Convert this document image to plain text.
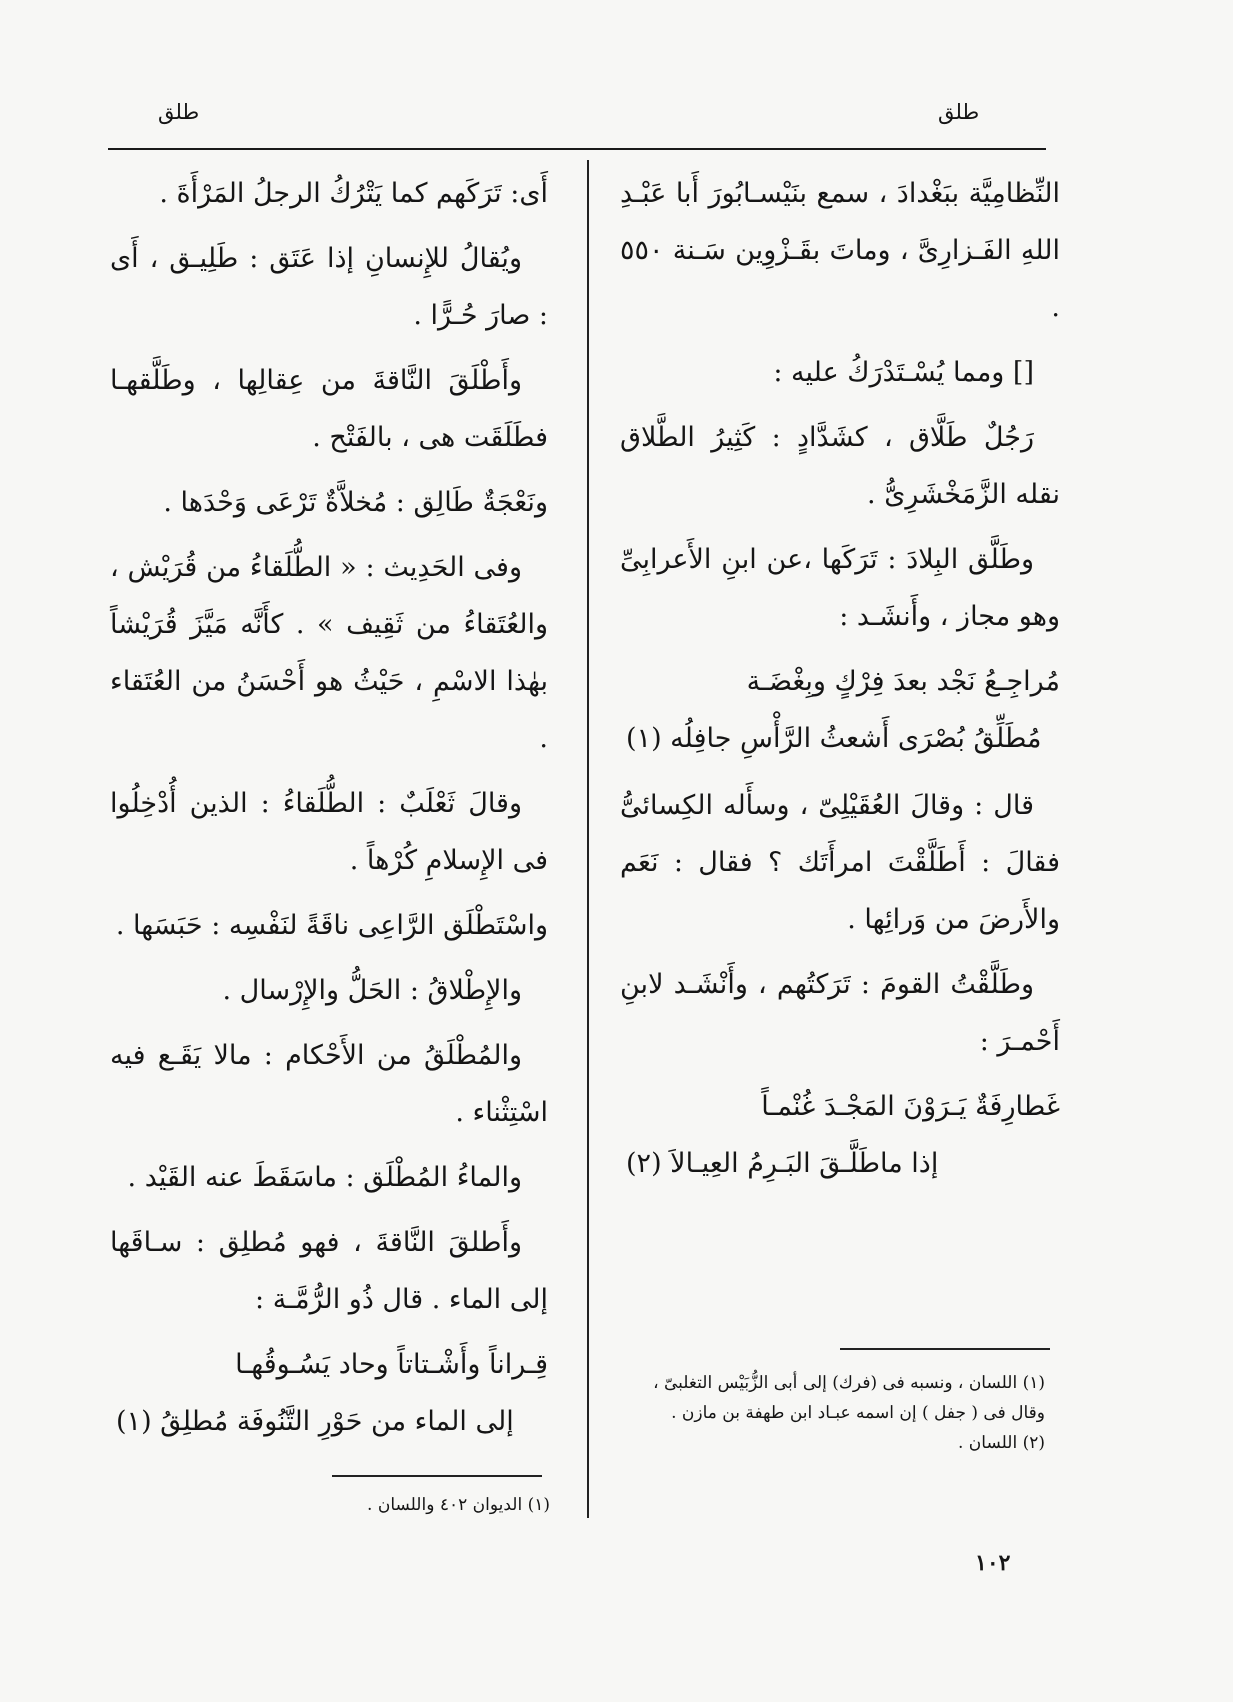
طلق
طلق

النِّظامِيَّة ببَغْدادَ ، سمع بنَيْسـابُورَ أَبا عَبْـدِ اللهِ الفَـزارِىَّ ، وماتَ بقَـزْوِين سَـنة ٥٥٠ .

[] ومما يُسْـتَدْرَكُ عليه :

رَجُلٌ طَلَّاق ، كشَدَّادٍ : كَثِيرُ الطَّلاق نقله الزَّمَخْشَرِىُّ .

وطَلَّق البِلادَ : تَرَكَها ،عن ابنِ الأَعرابِىِّ وهو مجاز ، وأَنشَـد :

مُراجِـعُ نَجْد بعدَ فِرْكٍ وبِغْضَـة
مُطَلِّقُ بُصْرَى أَشعثُ الرَّأْسِ جافِلُه (١)

قال : وقالَ العُقَيْلِىّ ، وسأَله الكِسائىُّ فقالَ : أَطَلَّقْتَ امرأَتَك ؟ فقال : نَعَم والأَرضَ من وَرائِها .

وطَلَّقْتُ القومَ : تَرَكتُهم ، وأَنْشَـد لابنِ أَحْمـرَ :

غَطارِفَةٌ يَـرَوْنَ المَجْـدَ غُنْمـاً
إذا ماطَلَّـقَ البَـرِمُ العِيـالاَ (٢)

أَى: تَرَكَهم كما يَتْرُكُ الرجلُ المَرْأَةَ .

ويُقالُ للإِنسانِ إذا عَتَق : طَلِيـق ، أَى : صارَ حُـرًّا .

وأَطْلَقَ النَّاقةَ من عِقالِها ، وطَلَّقهـا فطَلَقَت هى ، بالفَتْح .

ونَعْجَةٌ طَالِق : مُخلاَّةٌ تَرْعَى وَحْدَها .

وفى الحَدِيث : « الطُّلَقاءُ من قُرَيْش ، والعُتَقاءُ من ثَقِيف » . كأَنَّه مَيَّزَ قُرَيْشاً بهٰذا الاسْمِ ، حَيْثُ هو أَحْسَنُ من العُتَقاء .

وقالَ ثَعْلَبٌ : الطُّلَقاءُ : الذين أُدْخِلُوا فى الإِسلامِ كُرْهاً .

واسْتَطْلَق الرَّاعِى ناقَةً لنَفْسِه : حَبَسَها .

والإِطْلاقُ : الحَلُّ والإِرْسال .

والمُطْلَقُ من الأَحْكام : مالا يَقَـع فيه اسْتِثْناء .

والماءُ المُطْلَق : ماسَقَطَ عنه القَيْد .

وأَطلقَ النَّاقةَ ، فهو مُطلِق : سـاقَها إلى الماء . قال ذُو الرُّمَّـة :

قِـراناً وأَشْـتاتاً وحاد يَسُـوقُهـا
إلى الماء من حَوْرِ التَّنُوفَة مُطلِقُ (١)
(١) اللسان ، ونسبه فى (فرك) إلى أبى الزُّبَيْس التغلبىّ ، وقال فى ( جفل ) إن اسمه عبـاد ابن طهفة بن مازن .
(٢) اللسان .
(١) الديوان ٤٠٢ واللسان .
١٠٢
